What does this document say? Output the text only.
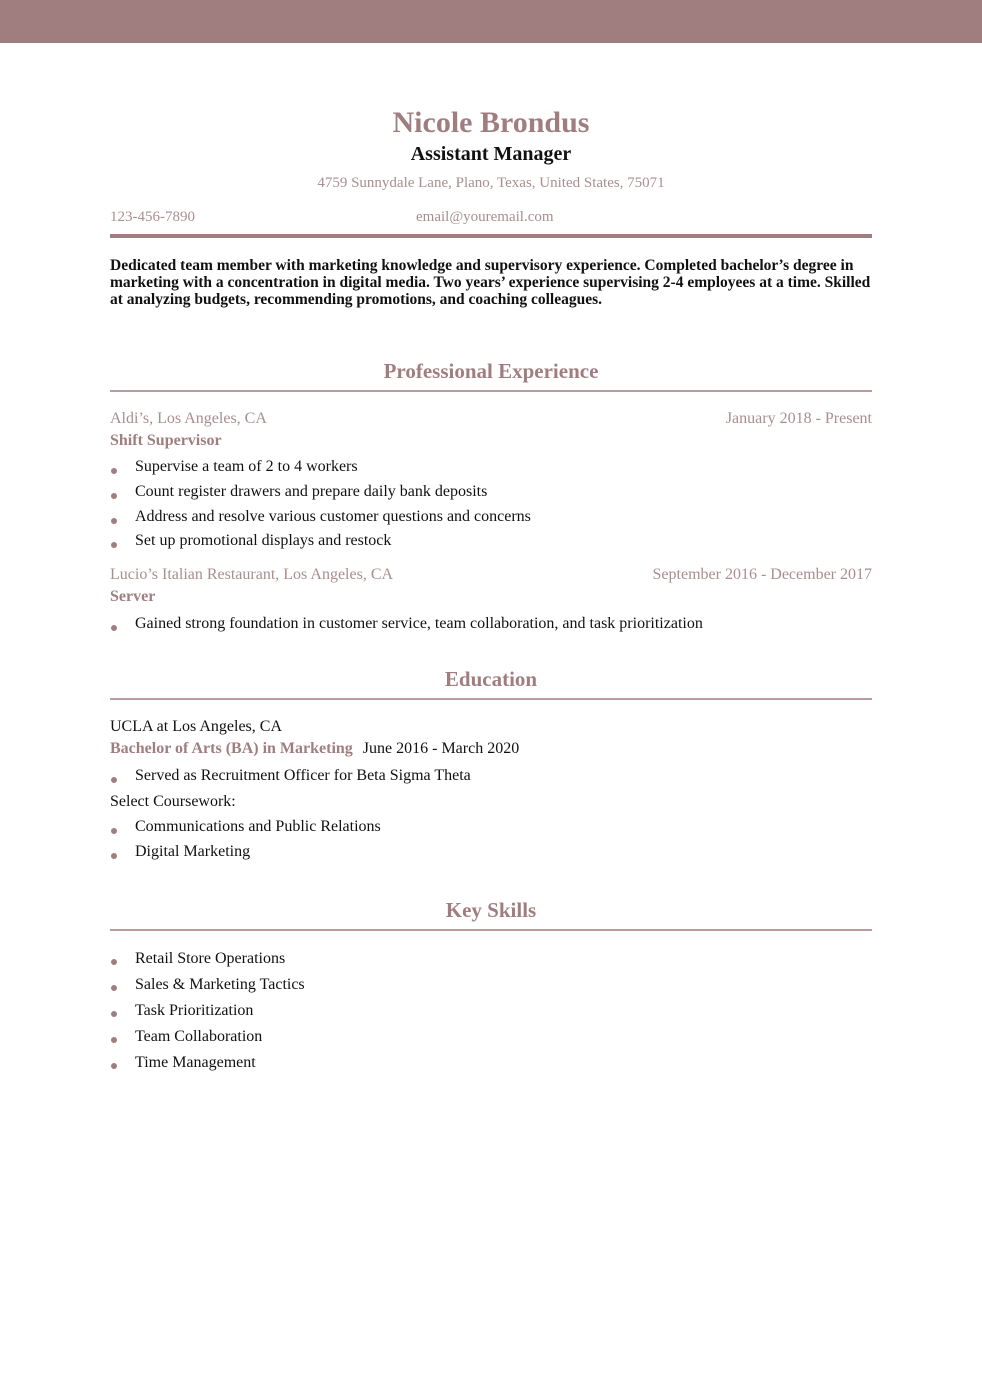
Nicole Brondus
Assistant Manager
4759 Sunnydale Lane, Plano, Texas, United States, 75071
123-456-7890	email@youremail.com
Dedicated team member with marketing knowledge and supervisory experience. Completed bachelor’s degree in marketing with a concentration in digital media. Two years’ experience supervising 2-4 employees at a time. Skilled at analyzing budgets, recommending promotions, and coaching colleagues.
Professional Experience
Aldi’s, Los Angeles, CA	January 2018 - Present
Shift Supervisor
Supervise a team of 2 to 4 workers
Count register drawers and prepare daily bank deposits
Address and resolve various customer questions and concerns
Set up promotional displays and restock
Lucio’s Italian Restaurant, Los Angeles, CA	September 2016 - December 2017
Server
Gained strong foundation in customer service, team collaboration, and task prioritization
Education
UCLA at Los Angeles, CA
Bachelor of Arts (BA) in Marketing June 2016 - March 2020
Served as Recruitment Officer for Beta Sigma Theta
Select Coursework:
Communications and Public Relations
Digital Marketing
Key Skills
Retail Store Operations
Sales & Marketing Tactics
Task Prioritization
Team Collaboration
Time Management
